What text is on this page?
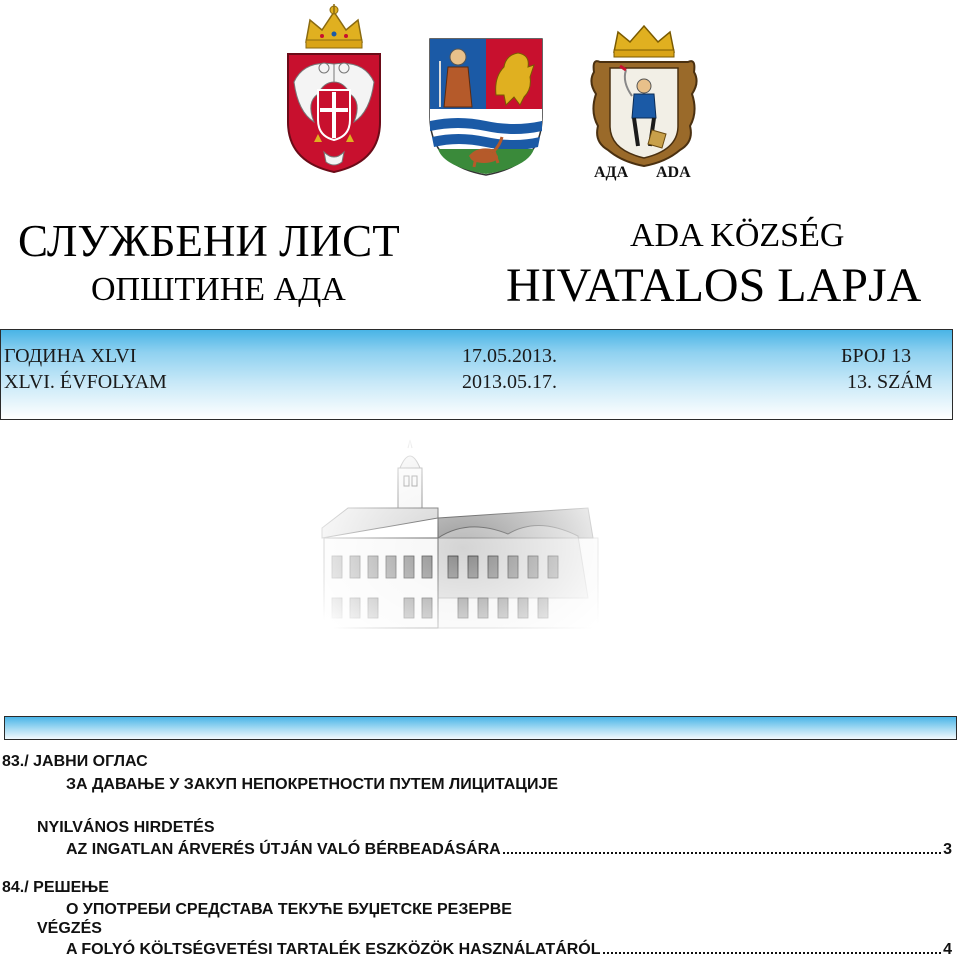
АДА ADA
СЛУЖБЕНИ ЛИСТ
ОПШТИНЕ АДА
ADA KÖZSÉG
HIVATALOS LAPJA
ГОДИНА XLVI	17.05.2013.	БРОЈ 13
XLVI. ÉVFOLYAM	2013.05.17.	13. SZÁM
83./ ЈАВНИ ОГЛАС
ЗА ДАВАЊЕ У ЗАКУП НЕПОКРЕТНОСТИ ПУТЕМ ЛИЦИТАЦИЈЕ
NYILVÁNOS HIRDETÉS
AZ INGATLAN ÁRVERÉS ÚTJÁN VALÓ BÉRBEADÁSÁRA	3
84./ РЕШЕЊЕ
О УПОТРЕБИ СРЕДСТАВА ТЕКУЋЕ БУЏЕТСКЕ РЕЗЕРВЕ
VÉGZÉS
A FOLYÓ KÖLTSÉGVETÉSI TARTALÉK ESZKÖZÖK HASZNÁLATÁRÓL	4
